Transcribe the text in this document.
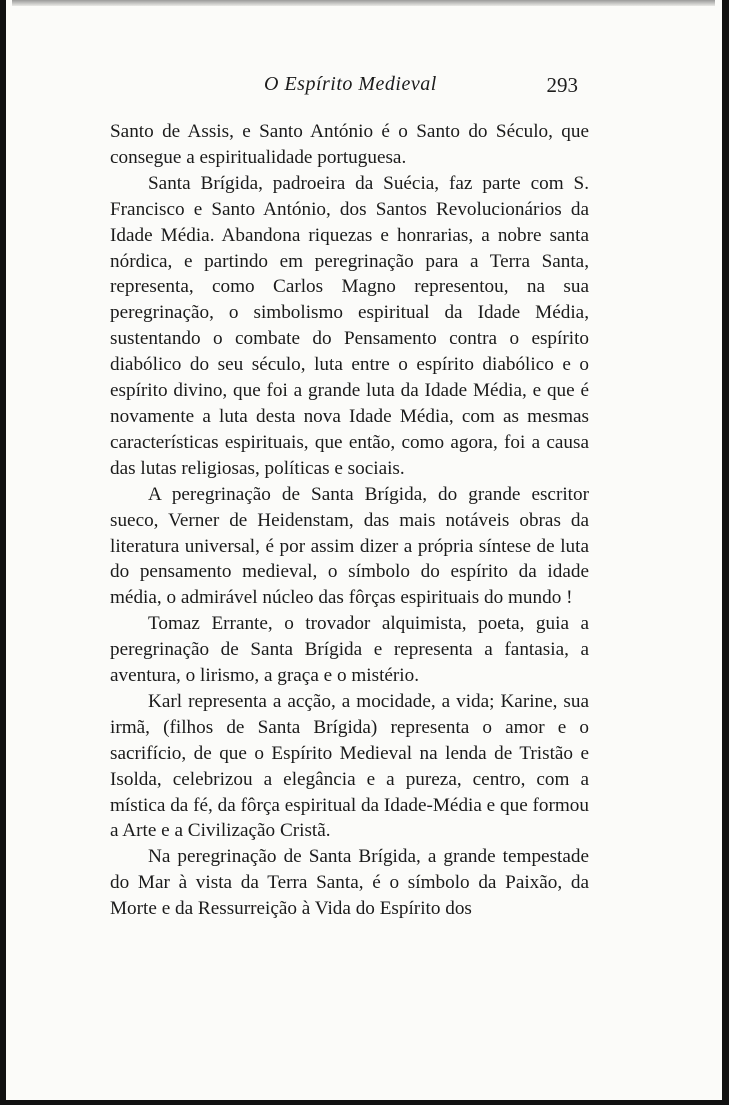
O Espírito Medieval	293

Santo de Assis, e Santo António é o Santo do Século, que consegue a espiritualidade portuguesa.

Santa Brígida, padroeira da Suécia, faz parte com S. Francisco e Santo António, dos Santos Revolucionários da Idade Média. Abandona riquezas e honrarias, a nobre santa nórdica, e partindo em peregrinação para a Terra Santa, representa, como Carlos Magno representou, na sua peregrinação, o simbolismo espiritual da Idade Média, sustentando o combate do Pensamento contra o espírito diabólico do seu século, luta entre o espírito diabólico e o espírito divino, que foi a grande luta da Idade Média, e que é novamente a luta desta nova Idade Média, com as mesmas características espirituais, que então, como agora, foi a causa das lutas religiosas, políticas e sociais.

A peregrinação de Santa Brígida, do grande escritor sueco, Verner de Heidenstam, das mais notáveis obras da literatura universal, é por assim dizer a própria síntese de luta do pensamento medieval, o símbolo do espírito da idade média, o admirável núcleo das fôrças espirituais do mundo !

Tomaz Errante, o trovador alquimista, poeta, guia a peregrinação de Santa Brígida e representa a fantasia, a aventura, o lirismo, a graça e o mistério.

Karl representa a acção, a mocidade, a vida; Karine, sua irmã, (filhos de Santa Brígida) representa o amor e o sacrifício, de que o Espírito Medieval na lenda de Tristão e Isolda, celebrizou a elegância e a pureza, centro, com a mística da fé, da fôrça espiritual da Idade-Média e que formou a Arte e a Civilização Cristã.

Na peregrinação de Santa Brígida, a grande tempestade do Mar à vista da Terra Santa, é o símbolo da Paixão, da Morte e da Ressurreição à Vida do Espírito dos
